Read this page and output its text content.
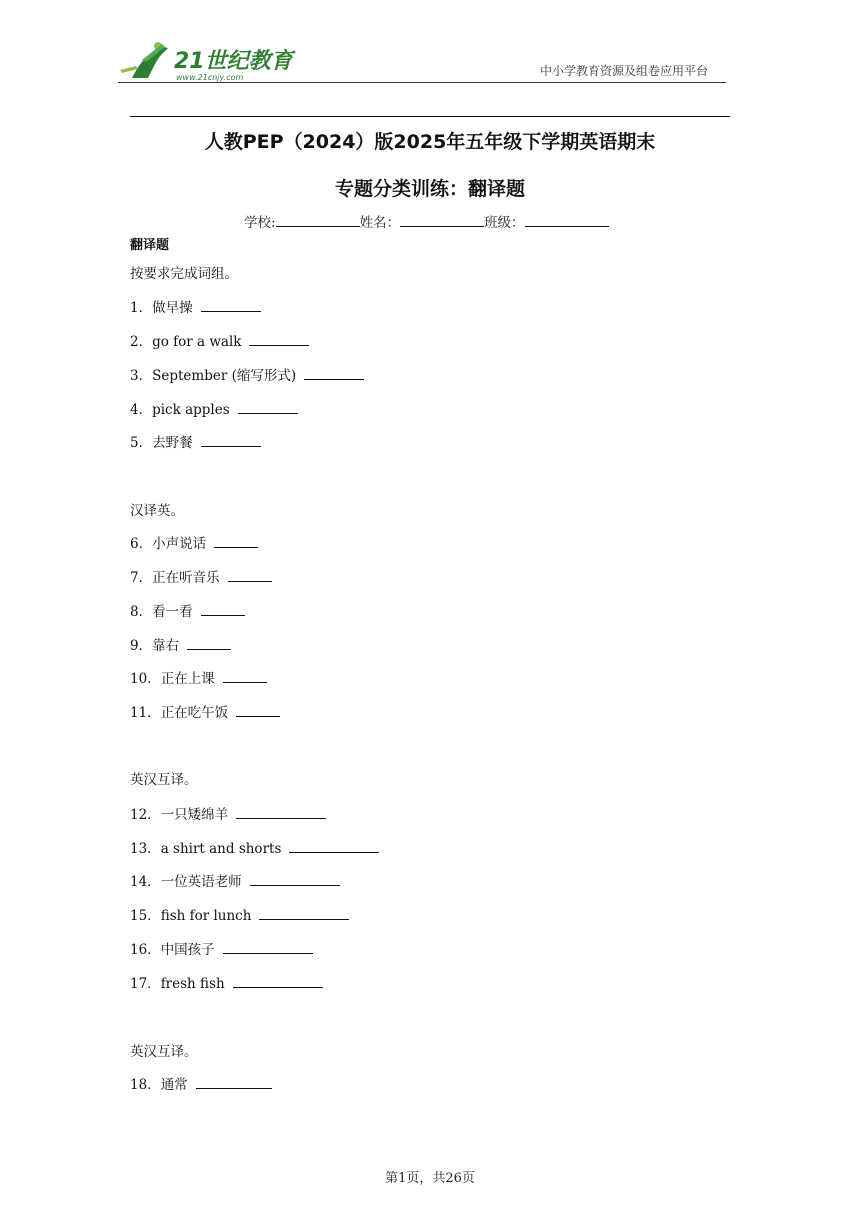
21世纪教育
www.21cnjy.com	中小学教育资源及组卷应用平台
人教PEP（2024）版2025年五年级下学期英语期末
专题分类训练：翻译题
学校:	姓名：	班级：
翻译题
按要求完成词组。
1． 做早操
2． go for a walk
3． September (缩写形式)
4． pick apples
5． 去野餐
汉译英。
6． 小声说话
7． 正在听音乐
8． 看一看
9． 靠右
10． 正在上课
11． 正在吃午饭
英汉互译。
12． 一只矮绵羊
13． a shirt and shorts
14． 一位英语老师
15． fish for lunch
16． 中国孩子
17． fresh fish
英汉互译。
18． 通常
第1页，共26页
